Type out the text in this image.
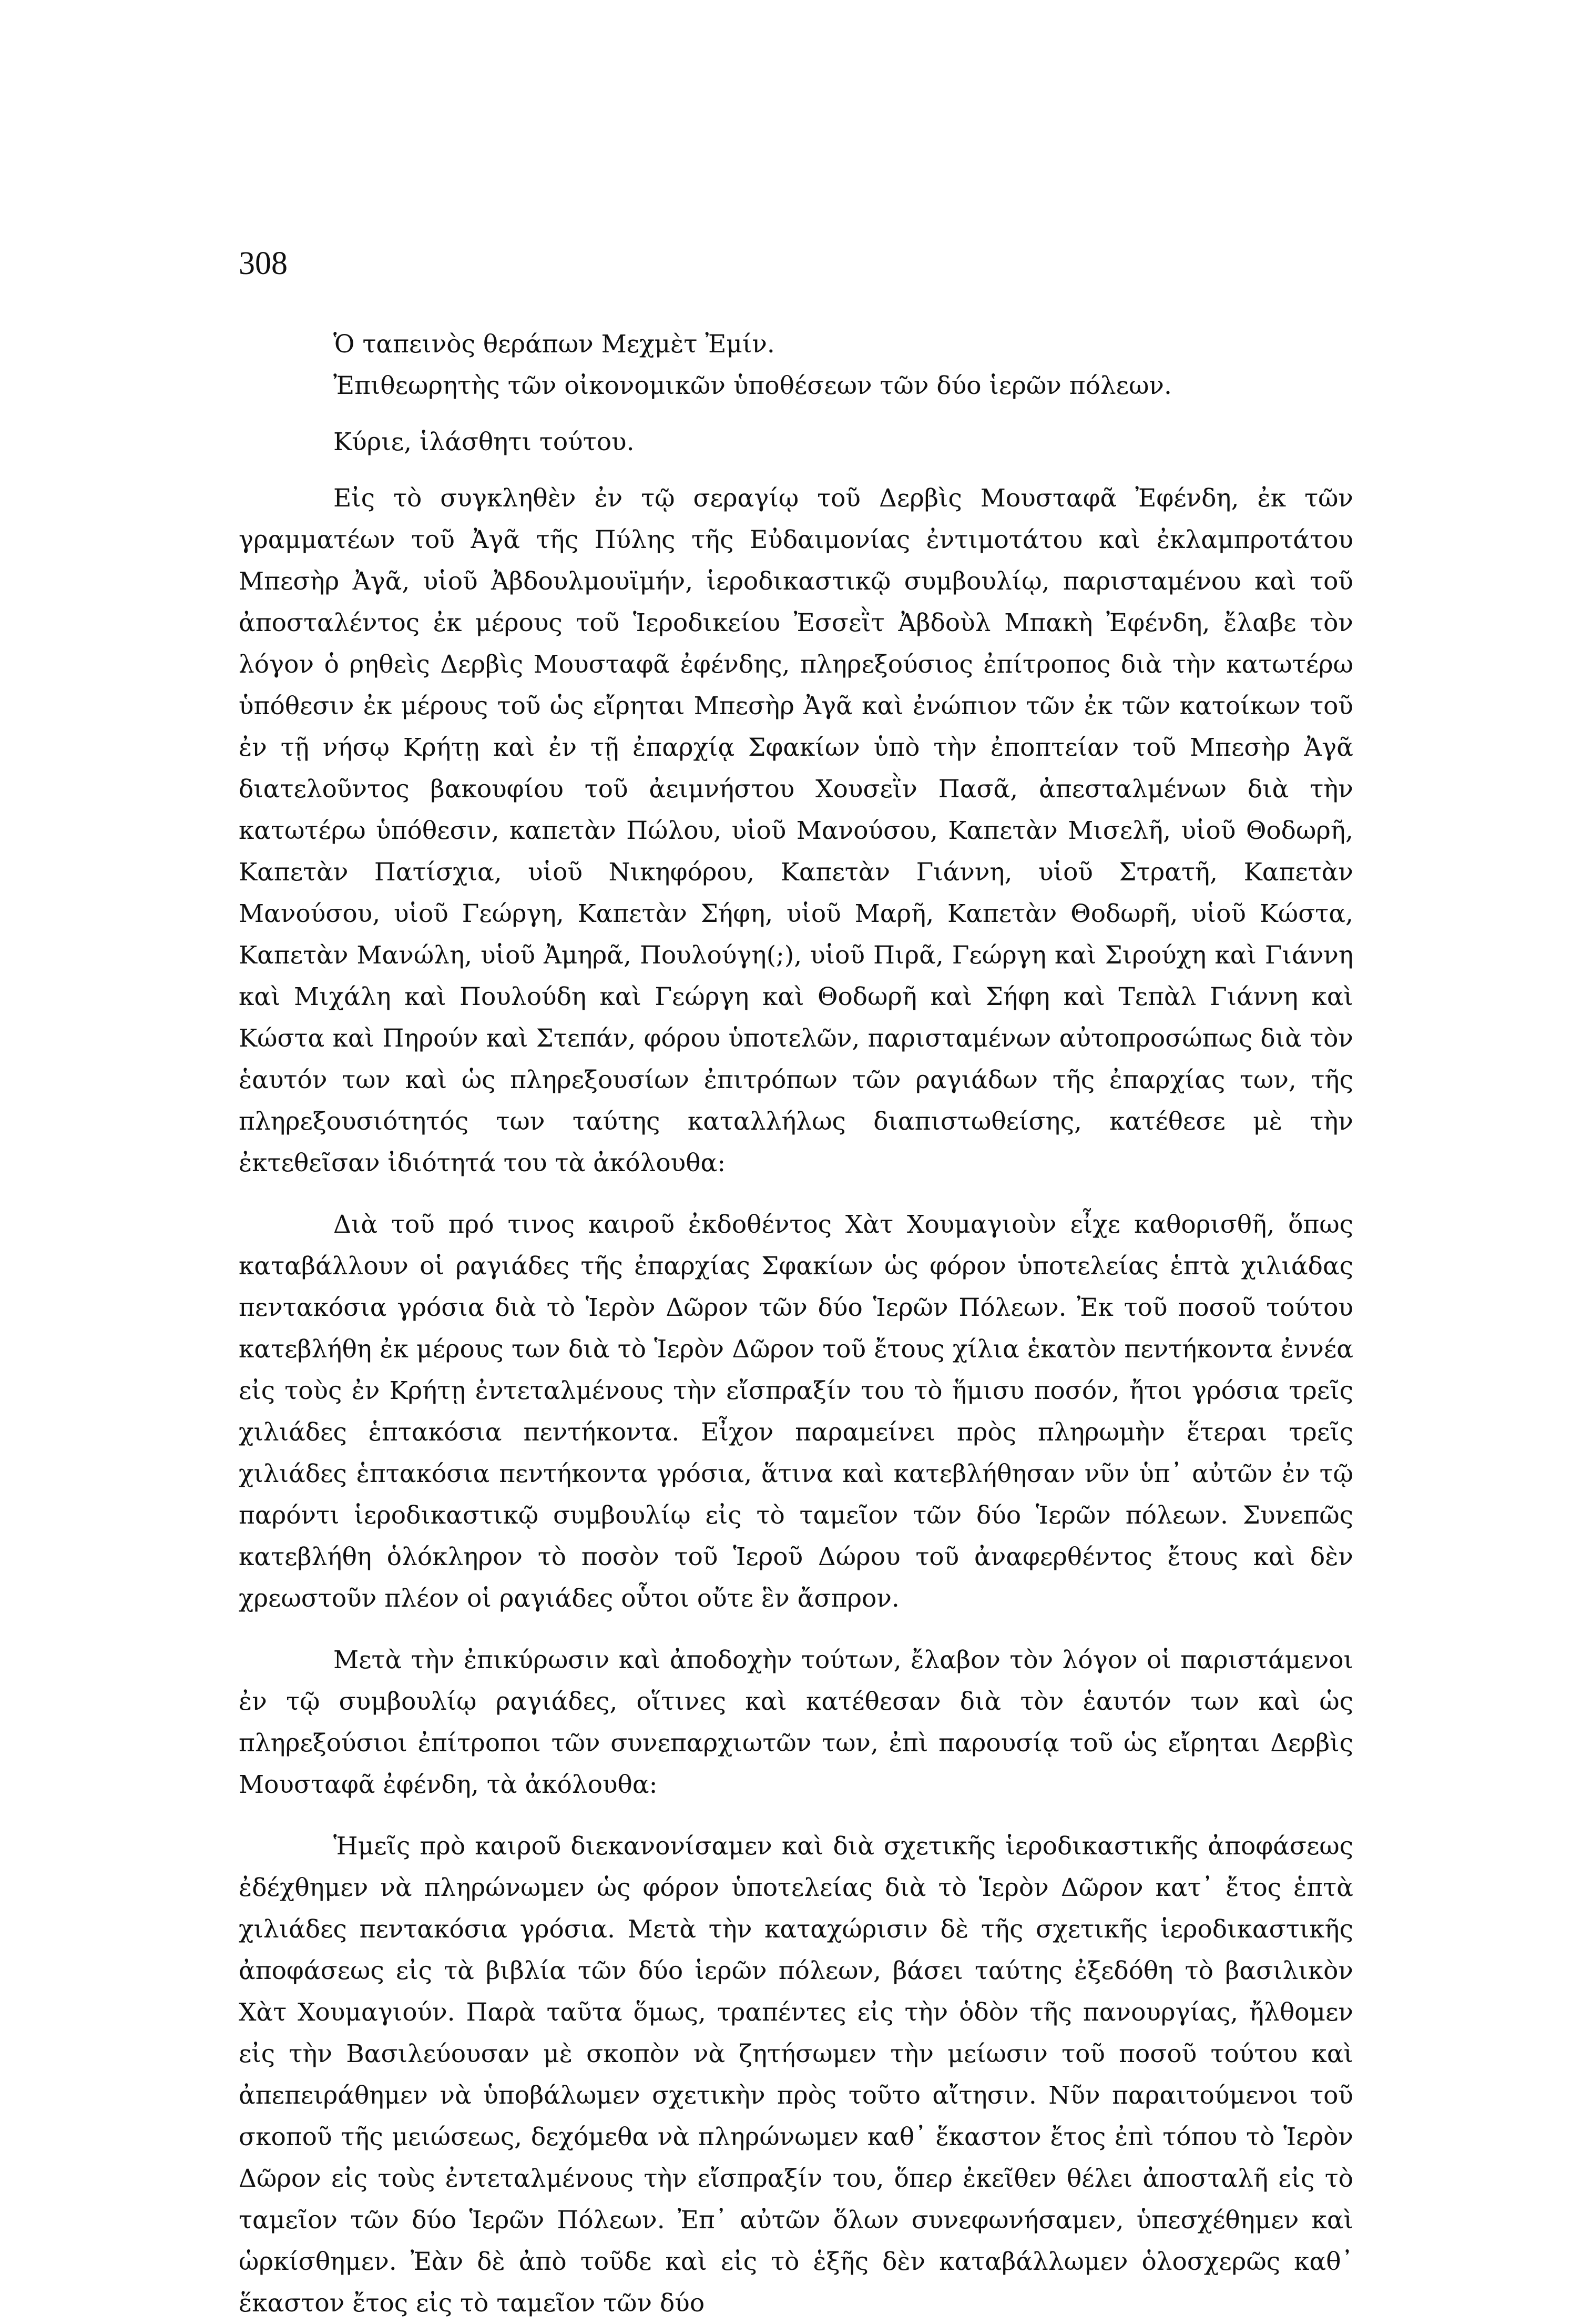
308

Ὁ ταπεινὸς θεράπων Μεχμὲτ Ἐμίν.

Ἐπιθεωρητὴς τῶν οἰκονομικῶν ὑποθέσεων τῶν δύο ἱερῶν πόλεων.

Κύριε, ἱλάσθητι τούτου.

Εἰς τὸ συγκληθὲν ἐν τῷ σεραγίῳ τοῦ Δερβὶς Μουσταφᾶ Ἐφένδη, ἐκ τῶν γραμματέων τοῦ Ἀγᾶ τῆς Πύλης τῆς Εὐδαιμονίας ἐντιμοτάτου καὶ ἐκλαμπροτάτου Μπεσὴρ Ἀγᾶ, υἱοῦ Ἀβδουλμουϊμήν, ἱεροδικαστικῷ συμβουλίῳ, παρισταμένου καὶ τοῦ ἀποσταλέντος ἐκ μέρους τοῦ Ἱεροδικείου Ἐσσεῒτ Ἀβδοὺλ Μπακὴ Ἐφένδη, ἔλαβε τὸν λόγον ὁ ρηθεὶς Δερβὶς Μουσταφᾶ ἐφένδης, πληρεξούσιος ἐπίτροπος διὰ τὴν κατωτέρω ὑπόθεσιν ἐκ μέρους τοῦ ὡς εἴρηται Μπεσὴρ Ἀγᾶ καὶ ἐνώπιον τῶν ἐκ τῶν κατοίκων τοῦ ἐν τῇ νήσῳ Κρήτῃ καὶ ἐν τῇ ἐπαρχίᾳ Σφακίων ὑπὸ τὴν ἐποπτείαν τοῦ Μπεσὴρ Ἀγᾶ διατελοῦντος βακουφίου τοῦ ἀειμνήστου Χουσεῒν Πασᾶ, ἀπεσταλμένων διὰ τὴν κατωτέρω ὑπόθεσιν, καπετὰν Πώλου, υἱοῦ Μανούσου, Καπετὰν Μισελῆ, υἱοῦ Θοδωρῆ, Καπετὰν Πατίσχια, υἱοῦ Νικηφόρου, Καπετὰν Γιάννη, υἱοῦ Στρατῆ, Καπετὰν Μανούσου, υἱοῦ Γεώργη, Καπετὰν Σήφη, υἱοῦ Μαρῆ, Καπετὰν Θοδωρῆ, υἱοῦ Κώστα, Καπετὰν Μανώλη, υἱοῦ Ἀμηρᾶ, Πουλούγη(;), υἱοῦ Πιρᾶ, Γεώργη καὶ Σιρούχη καὶ Γιάννη καὶ Μιχάλη καὶ Πουλούδη καὶ Γεώργη καὶ Θοδωρῆ καὶ Σήφη καὶ Τεπὰλ Γιάννη καὶ Κώστα καὶ Πηρούν καὶ Στεπάν, φόρου ὑποτελῶν, παρισταμένων αὐτοπροσώπως διὰ τὸν ἑαυτόν των καὶ ὡς πληρεξουσίων ἐπιτρόπων τῶν ραγιάδων τῆς ἐπαρχίας των, τῆς πληρεξουσιότητός των ταύτης καταλλήλως διαπιστωθείσης, κατέθεσε μὲ τὴν ἐκτεθεῖσαν ἰδιότητά του τὰ ἀκόλουθα:

Διὰ τοῦ πρό τινος καιροῦ ἐκδοθέντος Χὰτ Χουμαγιοὺν εἶχε καθορισθῆ, ὅπως καταβάλλουν οἱ ραγιάδες τῆς ἐπαρχίας Σφακίων ὡς φόρον ὑποτελείας ἑπτὰ χιλιάδας πεντακόσια γρόσια διὰ τὸ Ἱερὸν Δῶρον τῶν δύο Ἱερῶν Πόλεων. Ἐκ τοῦ ποσοῦ τούτου κατεβλήθη ἐκ μέρους των διὰ τὸ Ἱερὸν Δῶρον τοῦ ἔτους χίλια ἑκατὸν πεντήκοντα ἐννέα εἰς τοὺς ἐν Κρήτῃ ἐντεταλμένους τὴν εἴσπραξίν του τὸ ἥμισυ ποσόν, ἤτοι γρόσια τρεῖς χιλιάδες ἑπτακόσια πεντήκοντα. Εἶχον παραμείνει πρὸς πληρωμὴν ἕτεραι τρεῖς χιλιάδες ἑπτακόσια πεντήκοντα γρόσια, ἅτινα καὶ κατεβλήθησαν νῦν ὑπ᾽ αὐτῶν ἐν τῷ παρόντι ἱεροδικαστικῷ συμβουλίῳ εἰς τὸ ταμεῖον τῶν δύο Ἱερῶν πόλεων. Συνεπῶς κατεβλήθη ὁλόκληρον τὸ ποσὸν τοῦ Ἱεροῦ Δώρου τοῦ ἀναφερθέντος ἔτους καὶ δὲν χρεωστοῦν πλέον οἱ ραγιάδες οὗτοι οὔτε ἓν ἄσπρον.

Μετὰ τὴν ἐπικύρωσιν καὶ ἀποδοχὴν τούτων, ἔλαβον τὸν λόγον οἱ παριστάμενοι ἐν τῷ συμβουλίῳ ραγιάδες, οἵτινες καὶ κατέθεσαν διὰ τὸν ἑαυτόν των καὶ ὡς πληρεξούσιοι ἐπίτροποι τῶν συνεπαρχιωτῶν των, ἐπὶ παρουσίᾳ τοῦ ὡς εἴρηται Δερβὶς Μουσταφᾶ ἐφένδη, τὰ ἀκόλουθα:

Ἡμεῖς πρὸ καιροῦ διεκανονίσαμεν καὶ διὰ σχετικῆς ἱεροδικαστικῆς ἀποφάσεως ἐδέχθημεν νὰ πληρώνωμεν ὡς φόρον ὑποτελείας διὰ τὸ Ἱερὸν Δῶρον κατ᾽ ἔτος ἑπτὰ χιλιάδες πεντακόσια γρόσια. Μετὰ τὴν καταχώρισιν δὲ τῆς σχετικῆς ἱεροδικαστικῆς ἀποφάσεως εἰς τὰ βιβλία τῶν δύο ἱερῶν πόλεων, βάσει ταύτης ἐξεδόθη τὸ βασιλικὸν Χὰτ Χουμαγιούν. Παρὰ ταῦτα ὅμως, τραπέντες εἰς τὴν ὁδὸν τῆς πανουργίας, ἤλθομεν εἰς τὴν Βασιλεύουσαν μὲ σκοπὸν νὰ ζητήσωμεν τὴν μείωσιν τοῦ ποσοῦ τούτου καὶ ἀπεπειράθημεν νὰ ὑποβάλωμεν σχετικὴν πρὸς τοῦτο αἴτησιν. Νῦν παραιτούμενοι τοῦ σκοποῦ τῆς μειώσεως, δεχόμεθα νὰ πληρώνωμεν καθ᾽ ἕκαστον ἔτος ἐπὶ τόπου τὸ Ἱερὸν Δῶρον εἰς τοὺς ἐντεταλμένους τὴν εἴσπραξίν του, ὅπερ ἐκεῖθεν θέλει ἀποσταλῆ εἰς τὸ ταμεῖον τῶν δύο Ἱερῶν Πόλεων. Ἐπ᾽ αὐτῶν ὅλων συνεφωνήσαμεν, ὑπεσχέθημεν καὶ ὡρκίσθημεν. Ἐὰν δὲ ἀπὸ τοῦδε καὶ εἰς τὸ ἑξῆς δὲν καταβάλλωμεν ὁλοσχερῶς καθ᾽ ἕκαστον ἔτος εἰς τὸ ταμεῖον τῶν δύο
